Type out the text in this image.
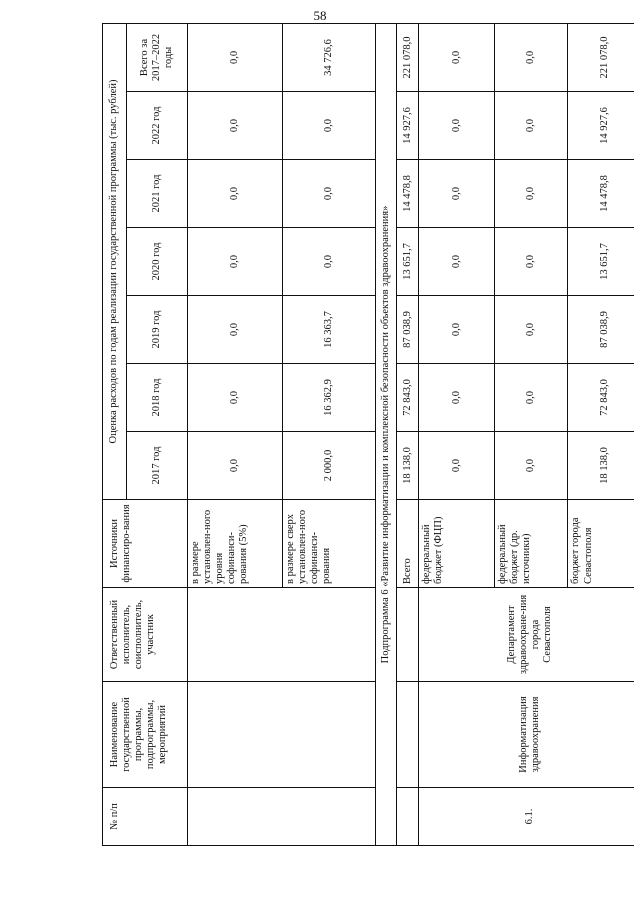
58
№ п/п	Наименование государственной программы, подпрограммы, мероприятий	Ответственный исполнитель, соисполнитель, участник	Источники финансиро-вания	Оценка расходов по годам реализации государственной программы (тыс. рублей)						
				2017 год	2018 год	2019 год	2020 год	2021 год	2022 год	Всего за 2017–2022 годы
			в размере установлен-ного уровня софинанси-рования (5%)	0,0	0,0	0,0	0,0	0,0	0,0	0,0
			в размере сверх установлен-ного софинанси-рования	2 000,0	16 362,9	16 363,7	0,0	0,0	0,0	34 726,6
Подпрограмма 6 «Развитие информатизации и комплексной безопасности объектов здравоохранения»										
			Всего	18 138,0	72 843,0	87 038,9	13 651,7	14 478,8	14 927,6	221 078,0
6.1.	Информатизация здравоохранения	Департамент здравоохране-ния города Севастополя	федеральный бюджет (ФЦП)	0,0	0,0	0,0	0,0	0,0	0,0	0,0
			федеральный бюджет (др. источники)	0,0	0,0	0,0	0,0	0,0	0,0	0,0
			бюджет города Севастополя	18 138,0	72 843,0	87 038,9	13 651,7	14 478,8	14 927,6	221 078,0
